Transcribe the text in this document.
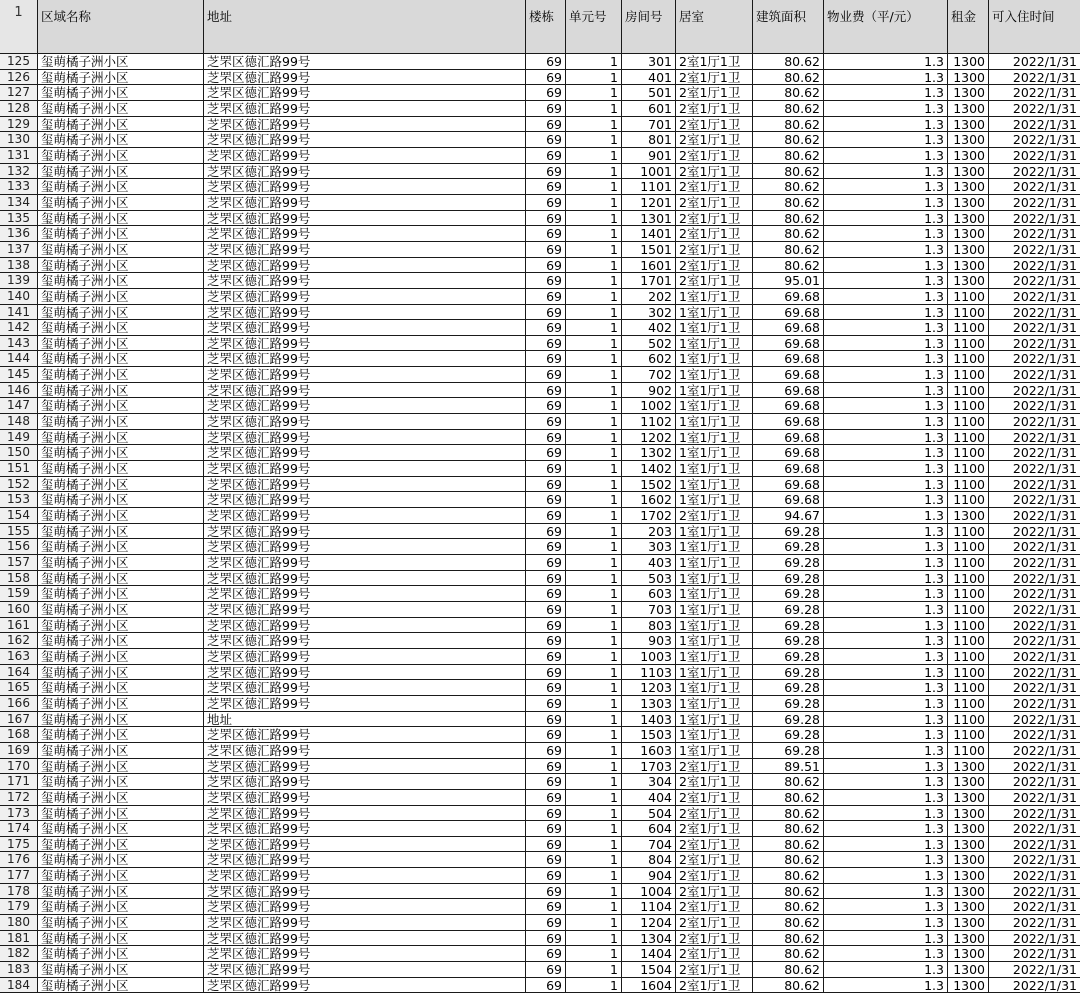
1	区域名称	地址	楼栋	单元号	房间号	居室	建筑面积	物业费（平/元）	租金	可入住时间
125 玺萌橘子洲小区	芝罘区德汇路99号	69	1	301 2室1厅1卫	80.62	1.3 1300	2022/1/31
126 玺萌橘子洲小区	芝罘区德汇路99号	69	1	401 2室1厅1卫	80.62	1.3 1300	2022/1/31
127 玺萌橘子洲小区	芝罘区德汇路99号	69	1	501 2室1厅1卫	80.62	1.3 1300	2022/1/31
128 玺萌橘子洲小区	芝罘区德汇路99号	69	1	601 2室1厅1卫	80.62	1.3 1300	2022/1/31
129 玺萌橘子洲小区	芝罘区德汇路99号	69	1	701 2室1厅1卫	80.62	1.3 1300	2022/1/31
130 玺萌橘子洲小区	芝罘区德汇路99号	69	1	801 2室1厅1卫	80.62	1.3 1300	2022/1/31
131 玺萌橘子洲小区	芝罘区德汇路99号	69	1	901 2室1厅1卫	80.62	1.3 1300	2022/1/31
132 玺萌橘子洲小区	芝罘区德汇路99号	69	1	1001 2室1厅1卫	80.62	1.3 1300	2022/1/31
133 玺萌橘子洲小区	芝罘区德汇路99号	69	1	1101 2室1厅1卫	80.62	1.3 1300	2022/1/31
134 玺萌橘子洲小区	芝罘区德汇路99号	69	1	1201 2室1厅1卫	80.62	1.3 1300	2022/1/31
135 玺萌橘子洲小区	芝罘区德汇路99号	69	1	1301 2室1厅1卫	80.62	1.3 1300	2022/1/31
136 玺萌橘子洲小区	芝罘区德汇路99号	69	1	1401 2室1厅1卫	80.62	1.3 1300	2022/1/31
137 玺萌橘子洲小区	芝罘区德汇路99号	69	1	1501 2室1厅1卫	80.62	1.3 1300	2022/1/31
138 玺萌橘子洲小区	芝罘区德汇路99号	69	1	1601 2室1厅1卫	80.62	1.3 1300	2022/1/31
139 玺萌橘子洲小区	芝罘区德汇路99号	69	1	1701 2室1厅1卫	95.01	1.3 1300	2022/1/31
140 玺萌橘子洲小区	芝罘区德汇路99号	69	1	202 1室1厅1卫	69.68	1.3 1100	2022/1/31
141 玺萌橘子洲小区	芝罘区德汇路99号	69	1	302 1室1厅1卫	69.68	1.3 1100	2022/1/31
142 玺萌橘子洲小区	芝罘区德汇路99号	69	1	402 1室1厅1卫	69.68	1.3 1100	2022/1/31
143 玺萌橘子洲小区	芝罘区德汇路99号	69	1	502 1室1厅1卫	69.68	1.3 1100	2022/1/31
144 玺萌橘子洲小区	芝罘区德汇路99号	69	1	602 1室1厅1卫	69.68	1.3 1100	2022/1/31
145 玺萌橘子洲小区	芝罘区德汇路99号	69	1	702 1室1厅1卫	69.68	1.3 1100	2022/1/31
146 玺萌橘子洲小区	芝罘区德汇路99号	69	1	902 1室1厅1卫	69.68	1.3 1100	2022/1/31
147 玺萌橘子洲小区	芝罘区德汇路99号	69	1	1002 1室1厅1卫	69.68	1.3 1100	2022/1/31
148 玺萌橘子洲小区	芝罘区德汇路99号	69	1	1102 1室1厅1卫	69.68	1.3 1100	2022/1/31
149 玺萌橘子洲小区	芝罘区德汇路99号	69	1	1202 1室1厅1卫	69.68	1.3 1100	2022/1/31
150 玺萌橘子洲小区	芝罘区德汇路99号	69	1	1302 1室1厅1卫	69.68	1.3 1100	2022/1/31
151 玺萌橘子洲小区	芝罘区德汇路99号	69	1	1402 1室1厅1卫	69.68	1.3 1100	2022/1/31
152 玺萌橘子洲小区	芝罘区德汇路99号	69	1	1502 1室1厅1卫	69.68	1.3 1100	2022/1/31
153 玺萌橘子洲小区	芝罘区德汇路99号	69	1	1602 1室1厅1卫	69.68	1.3 1100	2022/1/31
154 玺萌橘子洲小区	芝罘区德汇路99号	69	1	1702 2室1厅1卫	94.67	1.3 1300	2022/1/31
155 玺萌橘子洲小区	芝罘区德汇路99号	69	1	203 1室1厅1卫	69.28	1.3 1100	2022/1/31
156 玺萌橘子洲小区	芝罘区德汇路99号	69	1	303 1室1厅1卫	69.28	1.3 1100	2022/1/31
157 玺萌橘子洲小区	芝罘区德汇路99号	69	1	403 1室1厅1卫	69.28	1.3 1100	2022/1/31
158 玺萌橘子洲小区	芝罘区德汇路99号	69	1	503 1室1厅1卫	69.28	1.3 1100	2022/1/31
159 玺萌橘子洲小区	芝罘区德汇路99号	69	1	603 1室1厅1卫	69.28	1.3 1100	2022/1/31
160 玺萌橘子洲小区	芝罘区德汇路99号	69	1	703 1室1厅1卫	69.28	1.3 1100	2022/1/31
161 玺萌橘子洲小区	芝罘区德汇路99号	69	1	803 1室1厅1卫	69.28	1.3 1100	2022/1/31
162 玺萌橘子洲小区	芝罘区德汇路99号	69	1	903 1室1厅1卫	69.28	1.3 1100	2022/1/31
163 玺萌橘子洲小区	芝罘区德汇路99号	69	1	1003 1室1厅1卫	69.28	1.3 1100	2022/1/31
164 玺萌橘子洲小区	芝罘区德汇路99号	69	1	1103 1室1厅1卫	69.28	1.3 1100	2022/1/31
165 玺萌橘子洲小区	芝罘区德汇路99号	69	1	1203 1室1厅1卫	69.28	1.3 1100	2022/1/31
166 玺萌橘子洲小区	芝罘区德汇路99号	69	1	1303 1室1厅1卫	69.28	1.3 1100	2022/1/31
167 玺萌橘子洲小区	地址	69	1	1403 1室1厅1卫	69.28	1.3 1100	2022/1/31
168 玺萌橘子洲小区	芝罘区德汇路99号	69	1	1503 1室1厅1卫	69.28	1.3 1100	2022/1/31
169 玺萌橘子洲小区	芝罘区德汇路99号	69	1	1603 1室1厅1卫	69.28	1.3 1100	2022/1/31
170 玺萌橘子洲小区	芝罘区德汇路99号	69	1	1703 2室1厅1卫	89.51	1.3 1300	2022/1/31
171 玺萌橘子洲小区	芝罘区德汇路99号	69	1	304 2室1厅1卫	80.62	1.3 1300	2022/1/31
172 玺萌橘子洲小区	芝罘区德汇路99号	69	1	404 2室1厅1卫	80.62	1.3 1300	2022/1/31
173 玺萌橘子洲小区	芝罘区德汇路99号	69	1	504 2室1厅1卫	80.62	1.3 1300	2022/1/31
174 玺萌橘子洲小区	芝罘区德汇路99号	69	1	604 2室1厅1卫	80.62	1.3 1300	2022/1/31
175 玺萌橘子洲小区	芝罘区德汇路99号	69	1	704 2室1厅1卫	80.62	1.3 1300	2022/1/31
176 玺萌橘子洲小区	芝罘区德汇路99号	69	1	804 2室1厅1卫	80.62	1.3 1300	2022/1/31
177 玺萌橘子洲小区	芝罘区德汇路99号	69	1	904 2室1厅1卫	80.62	1.3 1300	2022/1/31
178 玺萌橘子洲小区	芝罘区德汇路99号	69	1	1004 2室1厅1卫	80.62	1.3 1300	2022/1/31
179 玺萌橘子洲小区	芝罘区德汇路99号	69	1	1104 2室1厅1卫	80.62	1.3 1300	2022/1/31
180 玺萌橘子洲小区	芝罘区德汇路99号	69	1	1204 2室1厅1卫	80.62	1.3 1300	2022/1/31
181 玺萌橘子洲小区	芝罘区德汇路99号	69	1	1304 2室1厅1卫	80.62	1.3 1300	2022/1/31
182 玺萌橘子洲小区	芝罘区德汇路99号	69	1	1404 2室1厅1卫	80.62	1.3 1300	2022/1/31
183 玺萌橘子洲小区	芝罘区德汇路99号	69	1	1504 2室1厅1卫	80.62	1.3 1300	2022/1/31
184 玺萌橘子洲小区	芝罘区德汇路99号	69	1	1604 2室1厅1卫	80.62	1.3 1300	2022/1/31
